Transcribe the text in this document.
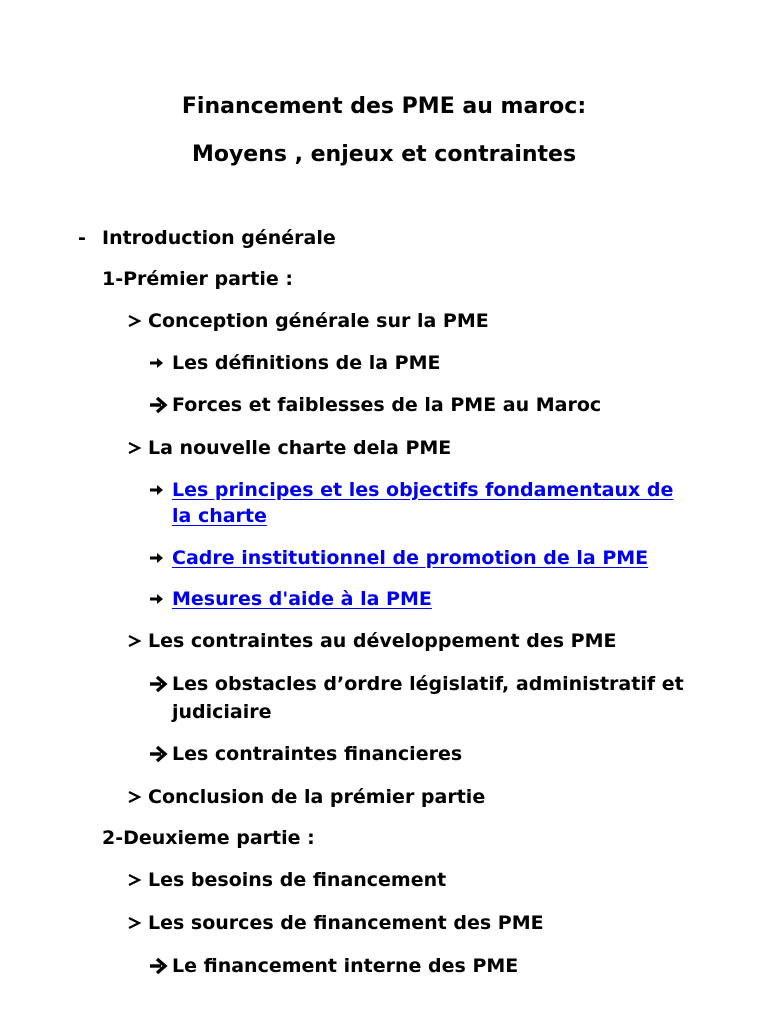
Financement des PME au maroc:
Moyens , enjeux et contraintes
- Introduction générale
1-Prémier partie :
Conception générale sur la PME
Les définitions de la PME
Forces et faiblesses de la PME au Maroc
La nouvelle charte dela PME
Les principes et les objectifs fondamentaux de
la charte
Cadre institutionnel de promotion de la PME
Mesures d'aide à la PME
Les contraintes au développement des PME
Les obstacles d’ordre législatif, administratif et
judiciaire
Les contraintes financieres
Conclusion de la prémier partie
2-Deuxieme partie :
Les besoins de financement
Les sources de financement des PME
Le financement interne des PME
